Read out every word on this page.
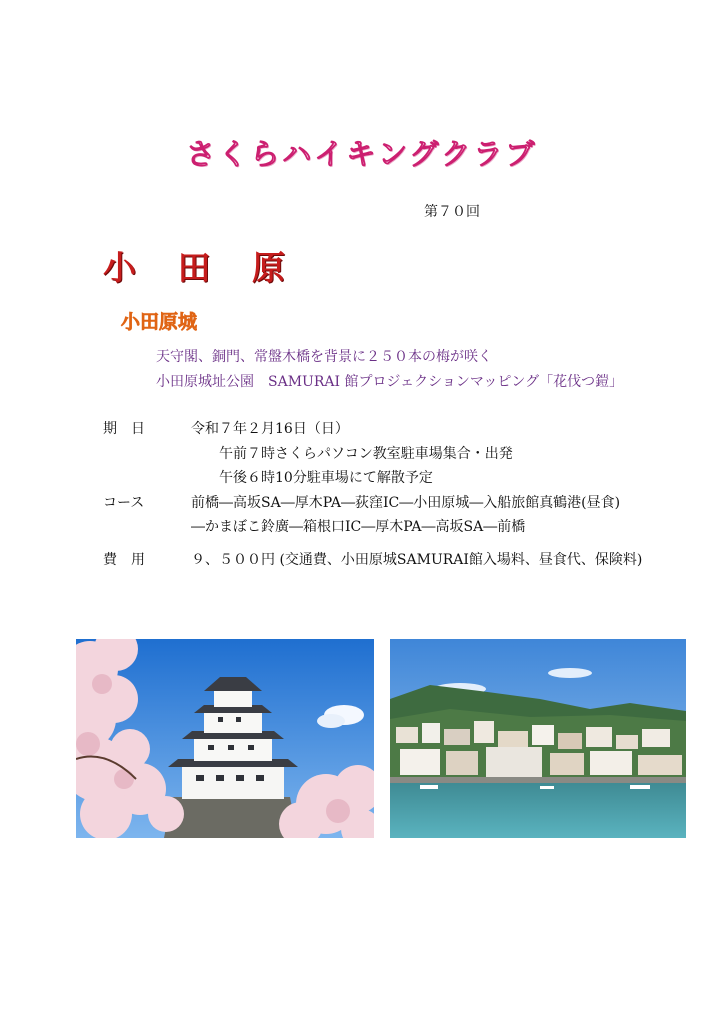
さくらハイキングクラブ
第７０回
小 田 原
小田原城
天守閣、銅門、常盤木橋を背景に２５０本の梅が咲く
小田原城址公園　SAMURAI 館プロジェクションマッピング「花伐つ鎧」
期　日	令和７年２月16日（日）
午前７時さくらパソコン教室駐車場集合・出発
午後６時10分駐車場にて解散予定
コース	前橋―高坂SA―厚木PA―荻窪IC―小田原城―入船旅館真鶴港(昼食)
―かまぼこ鈴廣―箱根口IC―厚木PA―高坂SA―前橋
費　用	９、５００円 (交通費、小田原城SAMURAI館入場料、昼食代、保険料)
